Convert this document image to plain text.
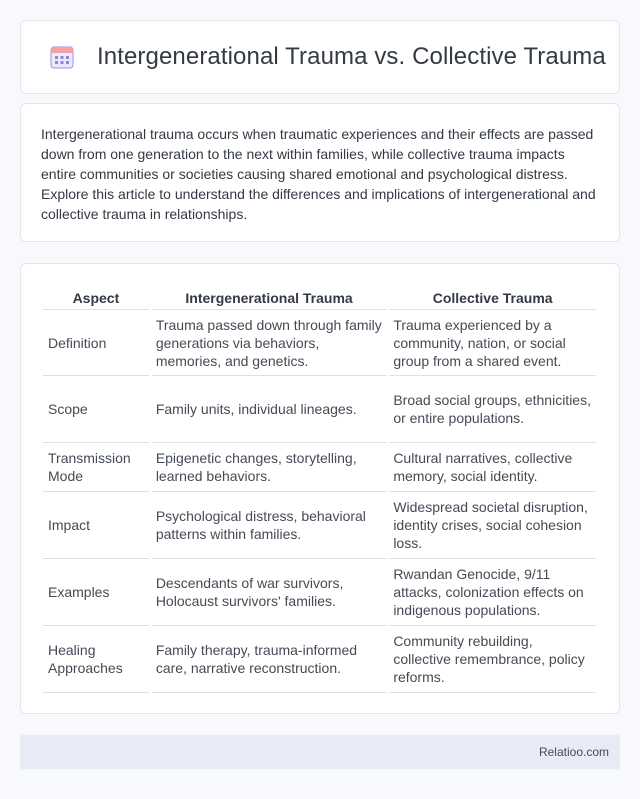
Intergenerational Trauma vs. Collective Trauma

Intergenerational trauma occurs when traumatic experiences and their effects are passed down from one generation to the next within families, while collective trauma impacts entire communities or societies causing shared emotional and psychological distress. Explore this article to understand the differences and implications of intergenerational and collective trauma in relationships.

Aspect	Intergenerational Trauma	Collective Trauma
Definition	Trauma passed down through family generations via behaviors, memories, and genetics.	Trauma experienced by a community, nation, or social group from a shared event.
Scope	Family units, individual lineages.	Broad social groups, ethnicities, or entire populations.
Transmission Mode	Epigenetic changes, storytelling, learned behaviors.	Cultural narratives, collective memory, social identity.
Impact	Psychological distress, behavioral patterns within families.	Widespread societal disruption, identity crises, social cohesion loss.
Examples	Descendants of war survivors, Holocaust survivors' families.	Rwandan Genocide, 9/11 attacks, colonization effects on indigenous populations.
Healing Approaches	Family therapy, trauma-informed care, narrative reconstruction.	Community rebuilding, collective remembrance, policy reforms.
Relatioo.com
